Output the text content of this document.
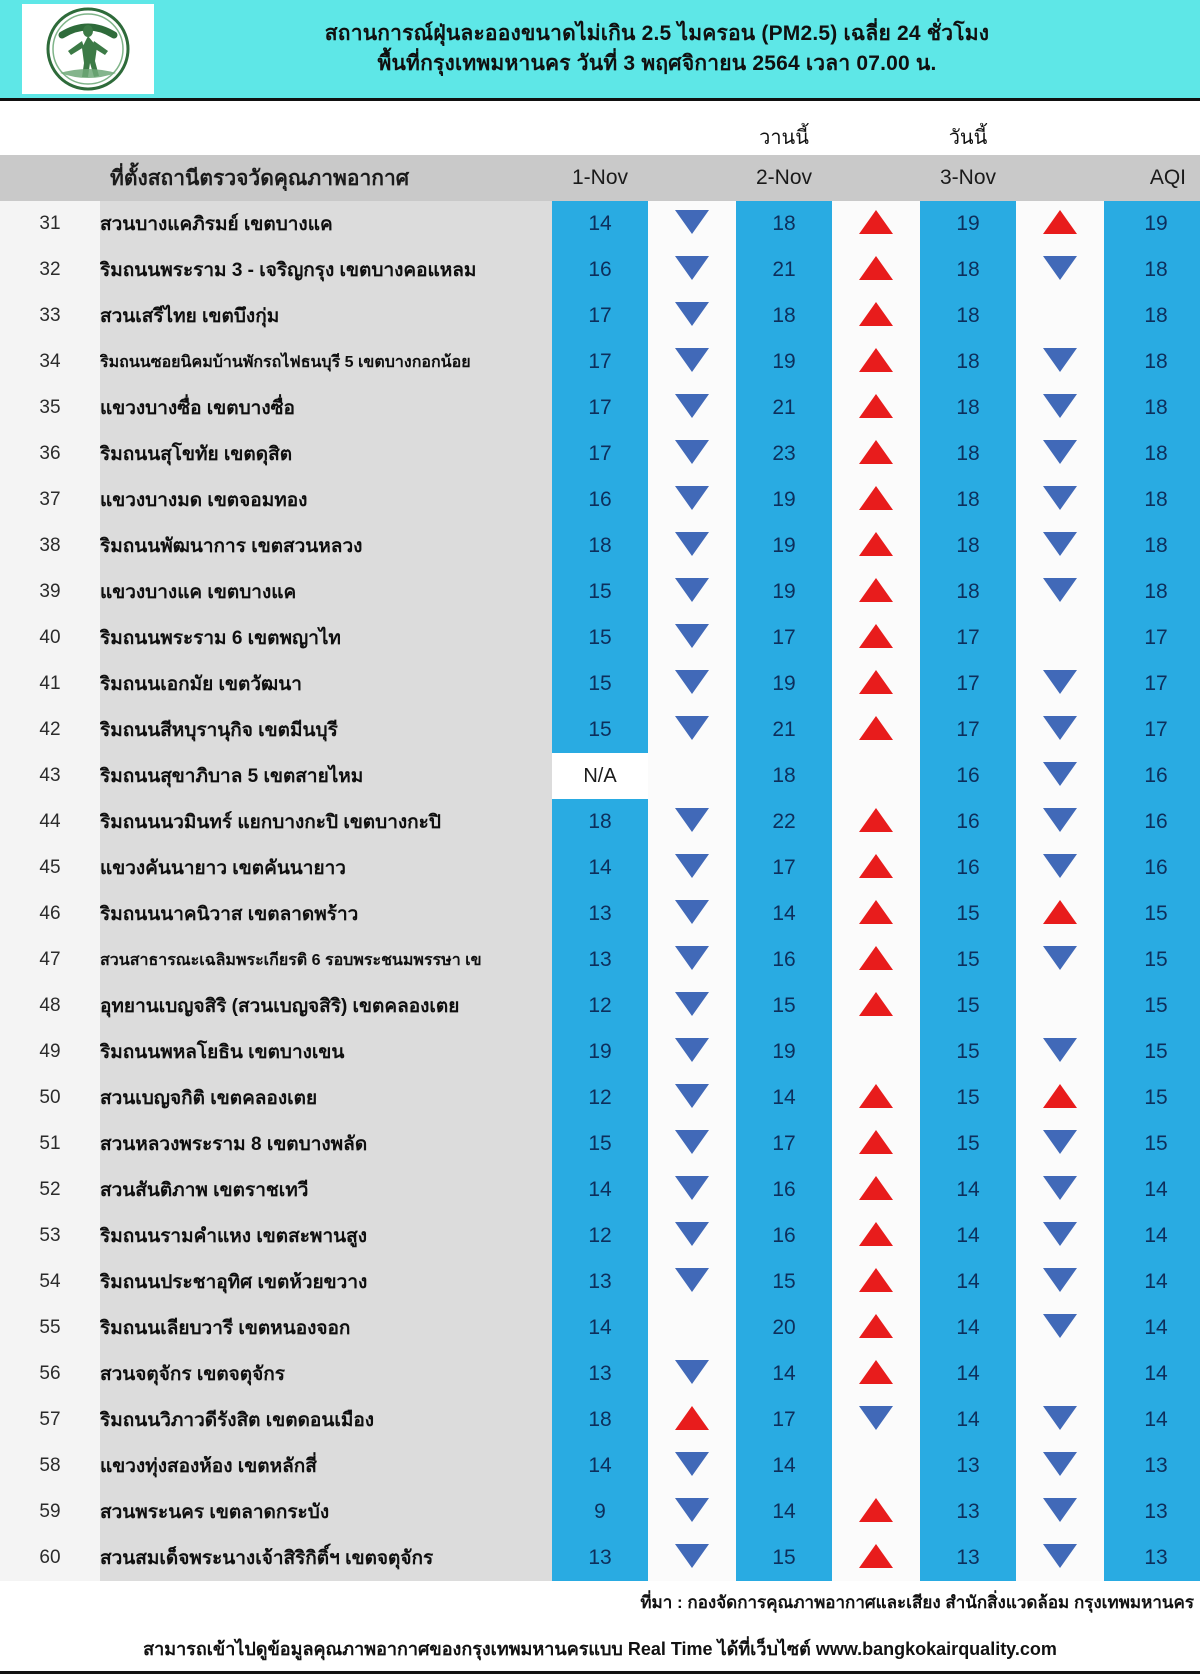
สถานการณ์ฝุ่นละอองขนาดไม่เกิน 2.5 ไมครอน (PM2.5) เฉลี่ย 24 ชั่วโมง
พื้นที่กรุงเทพมหานคร วันที่ 3 พฤศจิกายน 2564 เวลา 07.00 น.
				วานนี้		วันนี้		
	ที่ตั้งสถานีตรวจวัดคุณภาพอากาศ	1-Nov		2-Nov		3-Nov		AQI
31	สวนบางแคภิรมย์ เขตบางแค	14		18		19		19
32	ริมถนนพระราม 3 - เจริญกรุง เขตบางคอแหลม	16		21		18		18
33	สวนเสรีไทย เขตบึงกุ่ม	17		18		18		18
34	ริมถนนซอยนิคมบ้านพักรถไฟธนบุรี 5 เขตบางกอกน้อย	17		19		18		18
35	แขวงบางซื่อ เขตบางซื่อ	17		21		18		18
36	ริมถนนสุโขทัย เขตดุสิต	17		23		18		18
37	แขวงบางมด เขตจอมทอง	16		19		18		18
38	ริมถนนพัฒนาการ เขตสวนหลวง	18		19		18		18
39	แขวงบางแค เขตบางแค	15		19		18		18
40	ริมถนนพระราม 6 เขตพญาไท	15		17		17		17
41	ริมถนนเอกมัย เขตวัฒนา	15		19		17		17
42	ริมถนนสีหบุรานุกิจ เขตมีนบุรี	15		21		17		17
43	ริมถนนสุขาภิบาล 5 เขตสายไหม	N/A		18		16		16
44	ริมถนนนวมินทร์ แยกบางกะปิ เขตบางกะปิ	18		22		16		16
45	แขวงคันนายาว เขตคันนายาว	14		17		16		16
46	ริมถนนนาคนิวาส เขตลาดพร้าว	13		14		15		15
47	สวนสาธารณะเฉลิมพระเกียรติ 6 รอบพระชนมพรรษา เข	13		16		15		15
48	อุทยานเบญจสิริ (สวนเบญจสิริ) เขตคลองเตย	12		15		15		15
49	ริมถนนพหลโยธิน เขตบางเขน	19		19		15		15
50	สวนเบญจกิติ เขตคลองเตย	12		14		15		15
51	สวนหลวงพระราม 8 เขตบางพลัด	15		17		15		15
52	สวนสันติภาพ เขตราชเทวี	14		16		14		14
53	ริมถนนรามคำแหง เขตสะพานสูง	12		16		14		14
54	ริมถนนประชาอุทิศ เขตห้วยขวาง	13		15		14		14
55	ริมถนนเลียบวารี เขตหนองจอก	14		20		14		14
56	สวนจตุจักร เขตจตุจักร	13		14		14		14
57	ริมถนนวิภาวดีรังสิต เขตดอนเมือง	18		17		14		14
58	แขวงทุ่งสองห้อง เขตหลักสี่	14		14		13		13
59	สวนพระนคร เขตลาดกระบัง	9		14		13		13
60	สวนสมเด็จพระนางเจ้าสิริกิติ์ฯ เขตจตุจักร	13		15		13		13
ที่มา : กองจัดการคุณภาพอากาศและเสียง สำนักสิ่งแวดล้อม กรุงเทพมหานคร
สามารถเข้าไปดูข้อมูลคุณภาพอากาศของกรุงเทพมหานครแบบ Real Time ได้ที่เว็บไซต์ www.bangkokairquality.com
